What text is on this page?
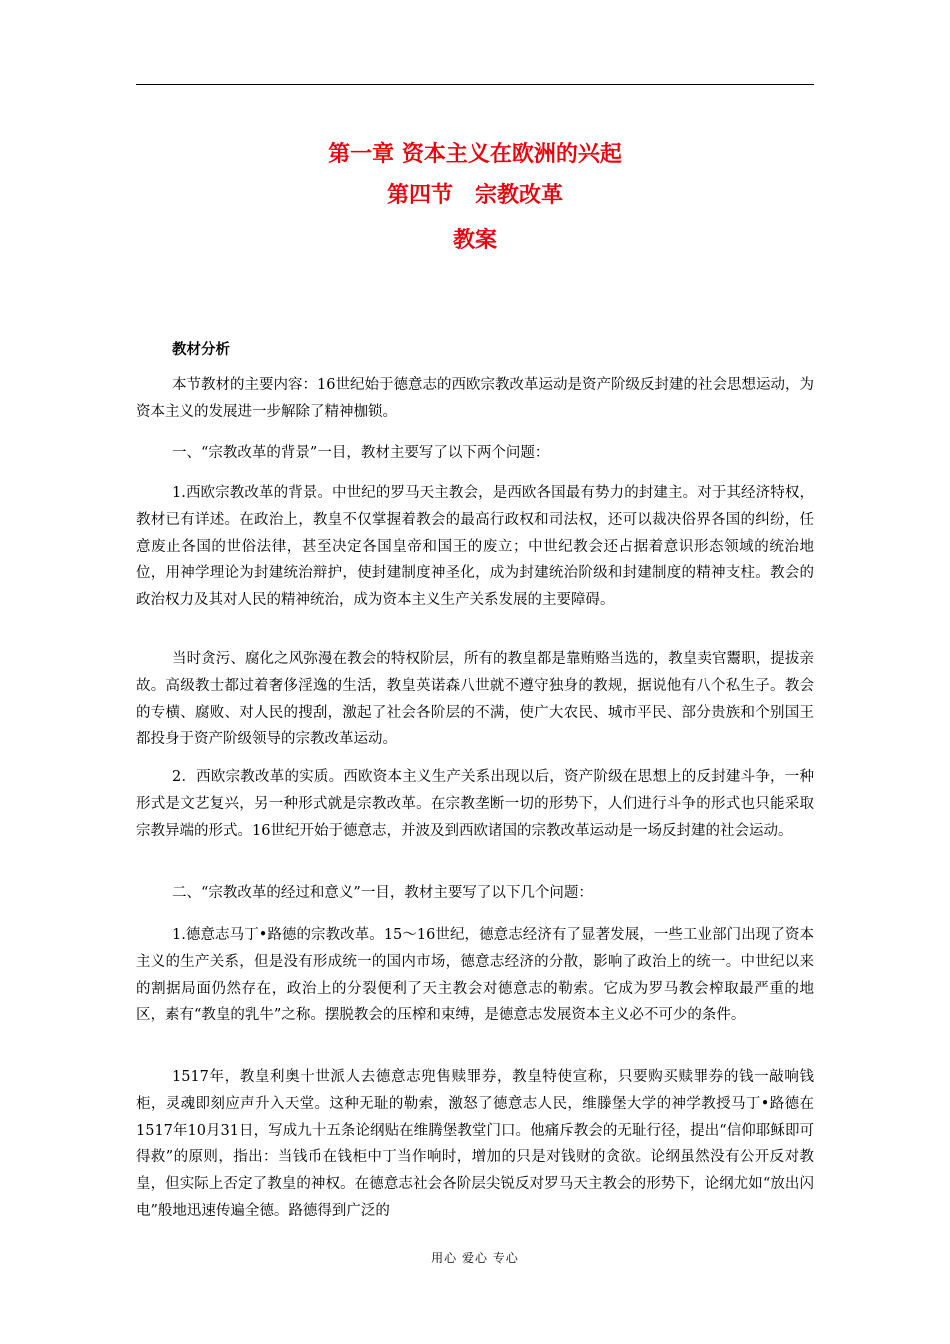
第一章 资本主义在欧洲的兴起
第四节　宗教改革
教案
教材分析

本节教材的主要内容：16世纪始于德意志的西欧宗教改革运动是资产阶级反封建的社会思想运动，为资本主义的发展进一步解除了精神枷锁。

一、“宗教改革的背景”一目，教材主要写了以下两个问题：

1.西欧宗教改革的背景。中世纪的罗马天主教会，是西欧各国最有势力的封建主。对于其经济特权，教材已有详述。在政治上，教皇不仅掌握着教会的最高行政权和司法权，还可以裁决俗界各国的纠纷，任意废止各国的世俗法律，甚至决定各国皇帝和国王的废立；中世纪教会还占据着意识形态领域的统治地位，用神学理论为封建统治辩护，使封建制度神圣化，成为封建统治阶级和封建制度的精神支柱。教会的政治权力及其对人民的精神统治，成为资本主义生产关系发展的主要障碍。

当时贪污、腐化之风弥漫在教会的特权阶层，所有的教皇都是靠贿赂当选的，教皇卖官鬻职，提拔亲故。高级教士都过着奢侈淫逸的生活，教皇英诺森八世就不遵守独身的教规，据说他有八个私生子。教会的专横、腐败、对人民的搜刮，激起了社会各阶层的不满，使广大农民、城市平民、部分贵族和个别国王都投身于资产阶级领导的宗教改革运动。

2．西欧宗教改革的实质。西欧资本主义生产关系出现以后，资产阶级在思想上的反封建斗争，一种形式是文艺复兴，另一种形式就是宗教改革。在宗教垄断一切的形势下，人们进行斗争的形式也只能采取宗教异端的形式。16世纪开始于德意志，并波及到西欧诸国的宗教改革运动是一场反封建的社会运动。

二、“宗教改革的经过和意义”一目，教材主要写了以下几个问题：

1.德意志马丁•路德的宗教改革。15～16世纪，德意志经济有了显著发展，一些工业部门出现了资本主义的生产关系，但是没有形成统一的国内市场，德意志经济的分散，影响了政治上的统一。中世纪以来的割据局面仍然存在，政治上的分裂便利了天主教会对德意志的勒索。它成为罗马教会榨取最严重的地区，素有“教皇的乳牛”之称。摆脱教会的压榨和束缚，是德意志发展资本主义必不可少的条件。

1517年，教皇利奥十世派人去德意志兜售赎罪券，教皇特使宣称，只要购买赎罪券的钱一敲响钱柜，灵魂即刻应声升入天堂。这种无耻的勒索，激怒了德意志人民，维滕堡大学的神学教授马丁•路德在1517年10月31日，写成九十五条论纲贴在维腾堡教堂门口。他痛斥教会的无耻行径，提出“信仰耶稣即可得救”的原则，指出：当钱币在钱柜中丁当作响时，增加的只是对钱财的贪欲。论纲虽然没有公开反对教皇，但实际上否定了教皇的神权。在德意志社会各阶层尖锐反对罗马天主教会的形势下，论纲尤如“放出闪电”般地迅速传遍全德。路德得到广泛的

用心 爱心 专心
